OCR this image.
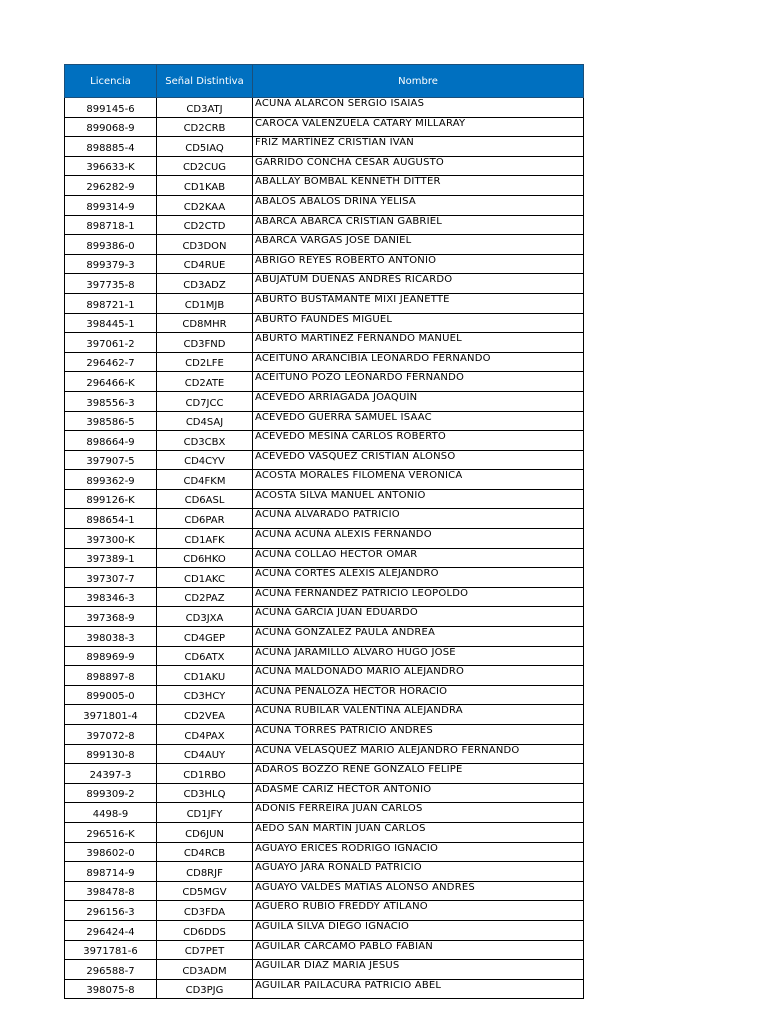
Licencia	Señal Distintiva	Nombre
899145-6	CD3ATJ	ACUÑA ALARCON SERGIO ISAIAS
899068-9	CD2CRB	CAROCA VALENZUELA CATARY MILLARAY
898885-4	CD5IAQ	FRIZ MARTÍNEZ CRISTIAN IVÁN
396633-K	CD2CUG	GARRIDO CONCHA CESAR AUGUSTO
296282-9	CD1KAB	ABALLAY BOMBAL KENNETH DITTER
899314-9	CD2KAA	ABALOS ABALOS DRINA YELISA
898718-1	CD2CTD	ABARCA ABARCA CRISTIAN GABRIEL
899386-0	CD3DON	ABARCA VARGAS JOSE DANIEL
899379-3	CD4RUE	ABRIGO REYES ROBERTO ANTONIO
397735-8	CD3ADZ	ABUJATUM DUEÑAS ANDRÉS RICARDO
898721-1	CD1MJB	ABURTO BUSTAMANTE MIXI JEANETTE
398445-1	CD8MHR	ABURTO FAÚNDES MIGUEL
397061-2	CD3FND	ABURTO MARTINEZ FERNANDO MANUEL
296462-7	CD2LFE	ACEITUNO ARANCIBIA LEONARDO FERNANDO
296466-K	CD2ATE	ACEITUNO POZO LEONARDO FERNANDO
398556-3	CD7JCC	ACEVEDO ARRIAGADA JOAQUÍN
398586-5	CD4SAJ	ACEVEDO GUERRA SAMUEL ISAAC
898664-9	CD3CBX	ACEVEDO MESINA CARLOS ROBERTO
397907-5	CD4CYV	ACEVEDO VÁSQUEZ CRISTIAN ALONSO
899362-9	CD4FKM	ACOSTA MORALES FILOMENA VERONICA
899126-K	CD6ASL	ACOSTA SILVA MANUEL ANTONIO
898654-1	CD6PAR	ACUÑA ALVARADO PATRICIO
397300-K	CD1AFK	ACUÑA ACUÑA ALEXIS FERNANDO
397389-1	CD6HKO	ACUÑA COLLAO HECTOR OMAR
397307-7	CD1AKC	ACUÑA CORTES ALEXIS ALEJANDRO
398346-3	CD2PAZ	ACUÑA FERNANDEZ PATRICIO LEOPOLDO
397368-9	CD3JXA	ACUÑA GARCIA JUAN EDUARDO
398038-3	CD4GEP	ACUÑA GONZALEZ PAULA ANDREA
898969-9	CD6ATX	ACUÑA JARAMILLO ALVARO HUGO JOSE
898897-8	CD1AKU	ACUÑA MALDONADO MARIO ALEJANDRO
899005-0	CD3HCY	ACUÑA PEÑALOZA HECTOR HORACIO
3971801-4	CD2VEA	ACUÑA RUBILAR VALENTINA ALEJANDRA
397072-8	CD4PAX	ACUÑA TORRES PATRICIO ANDRES
899130-8	CD4AUY	ACUÑA VELASQUEZ MARIO ALEJANDRO FERNANDO
24397-3	CD1RBO	ADAROS BOZZO RENE GONZALO FELIPE
899309-2	CD3HLQ	ADASME CARIZ HÉCTOR ANTONIO
4498-9	CD1JFY	ADONIS FERREIRA JUAN CARLOS
296516-K	CD6JUN	AEDO SAN MARTIN JUAN CARLOS
398602-0	CD4RCB	AGUAYO ERICES RODRIGO IGNACIO
898714-9	CD8RJF	AGUAYO JARA RONALD PATRICIO
398478-8	CD5MGV	AGUAYO VALDES MATIAS ALONSO ANDRES
296156-3	CD3FDA	AGUERO RUBIO FREDDY ATILANO
296424-4	CD6DDS	AGUILA SILVA DIEGO IGNACIO
3971781-6	CD7PET	AGUILAR CARCAMO PABLO FABIAN
296588-7	CD3ADM	AGUILAR DIAZ MARIA JESUS
398075-8	CD3PJG	AGUILAR PAILACURA PATRICIO ABEL
